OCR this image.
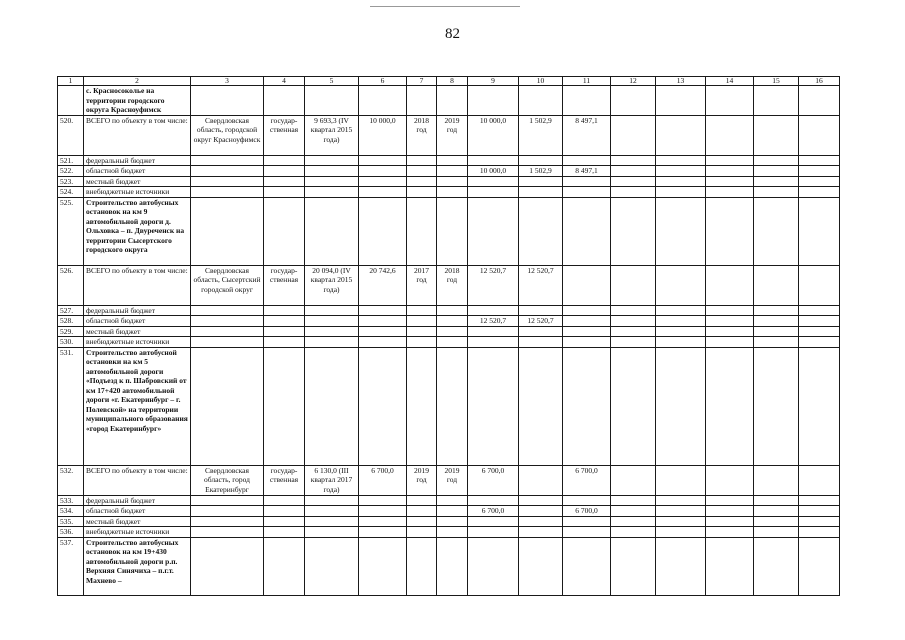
82
1	2	3	4	5	6	7	8	9	10	11	12	13	14	15	16
	с. Красносокольe на территории городского округа Красноуфимск														
520.	ВСЕГО по объекту в том числе:	Свердловская область, городской округ Красноуфимск	государ-ственная	9 693,3 (IV квартал 2015 года)	10 000,0	2018 год	2019 год	10 000,0	1 502,9	8 497,1					
521.	федеральный бюджет														
522.	областной бюджет							10 000,0	1 502,9	8 497,1					
523.	местный бюджет														
524.	внебюджетные источники														
525.	Строительство автобусных остановок на км 9 автомобильной дороги д. Ольховка – п. Двуреченск на территории Сысертского городского округа														
526.	ВСЕГО по объекту в том числе:	Свердловская область, Сысертский городской округ	государ-ственная	20 094,0 (IV квартал 2015 года)	20 742,6	2017 год	2018 год	12 520,7	12 520,7						
527.	федеральный бюджет														
528.	областной бюджет							12 520,7	12 520,7						
529.	местный бюджет														
530.	внебюджетные источники														
531.	Строительство автобусной остановки на км 5 автомобильной дороги «Подъезд к п. Шабровский от км 17+420 автомобильной дороги «г. Екатеринбург – г. Полевской» на территории муниципального образования «город Екатеринбург»														
532.	ВСЕГО по объекту в том числе:	Свердловская область, город Екатеринбург	государ-ственная	6 130,0 (III квартал 2017 года)	6 700,0	2019 год	2019 год	6 700,0		6 700,0					
533.	федеральный бюджет														
534.	областной бюджет							6 700,0		6 700,0					
535.	местный бюджет														
536.	внебюджетные источники														
537.	Строительство автобусных остановок на км 19+430 автомобильной дороги р.п. Верхняя Синячиха – п.г.т. Махнево –														
